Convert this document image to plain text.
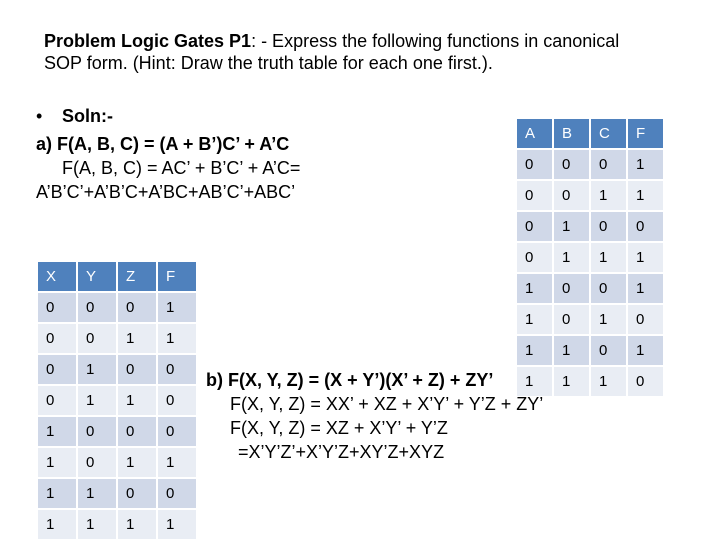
Problem Logic Gates P1: - Express the following functions in canonical
SOP form. (Hint: Draw the truth table for each one first.).
• Soln:-
a) F(A, B, C) = (A + B’)C’ + A’C
F(A, B, C) = AC’ + B’C’ + A’C=
A’B’C’+A’B’C+A’BC+AB’C’+ABC’
A	B	C	F
0	0	0	1
0	0	1	1
0	1	0	0
0	1	1	1
1	0	0	1
1	0	1	0
1	1	0	1
1	1	1	0
X	Y	Z	F
0	0	0	1
0	0	1	1
0	1	0	0
0	1	1	0
1	0	0	0
1	0	1	1
1	1	0	0
1	1	1	1
b) F(X, Y, Z) = (X + Y’)(X’ + Z) + ZY’
F(X, Y, Z) = XX’ + XZ + X’Y’ + Y’Z + ZY’
F(X, Y, Z) = XZ + X’Y’ + Y’Z
=X’Y’Z’+X’Y’Z+XY’Z+XYZ
